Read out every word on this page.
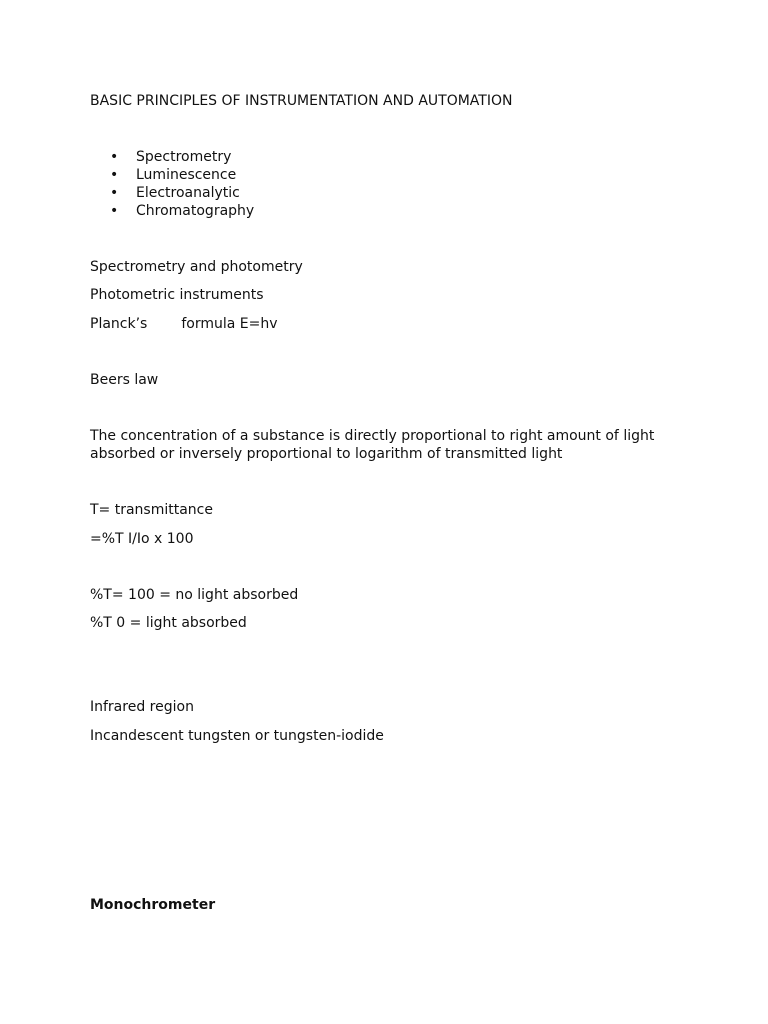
BASIC PRINCIPLES OF INSTRUMENTATION AND AUTOMATION
• Spectrometry
• Luminescence
• Electroanalytic
• Chromatography
Spectrometry and photometry
Photometric instruments
Planck’s formula E=hv
Beers law
The concentration of a substance is directly proportional to right amount of light absorbed or inversely proportional to logarithm of transmitted light
T= transmittance
=%T I/Io x 100
%T= 100 = no light absorbed
%T 0 = light absorbed
Infrared region
Incandescent tungsten or tungsten-iodide
Monochrometer
